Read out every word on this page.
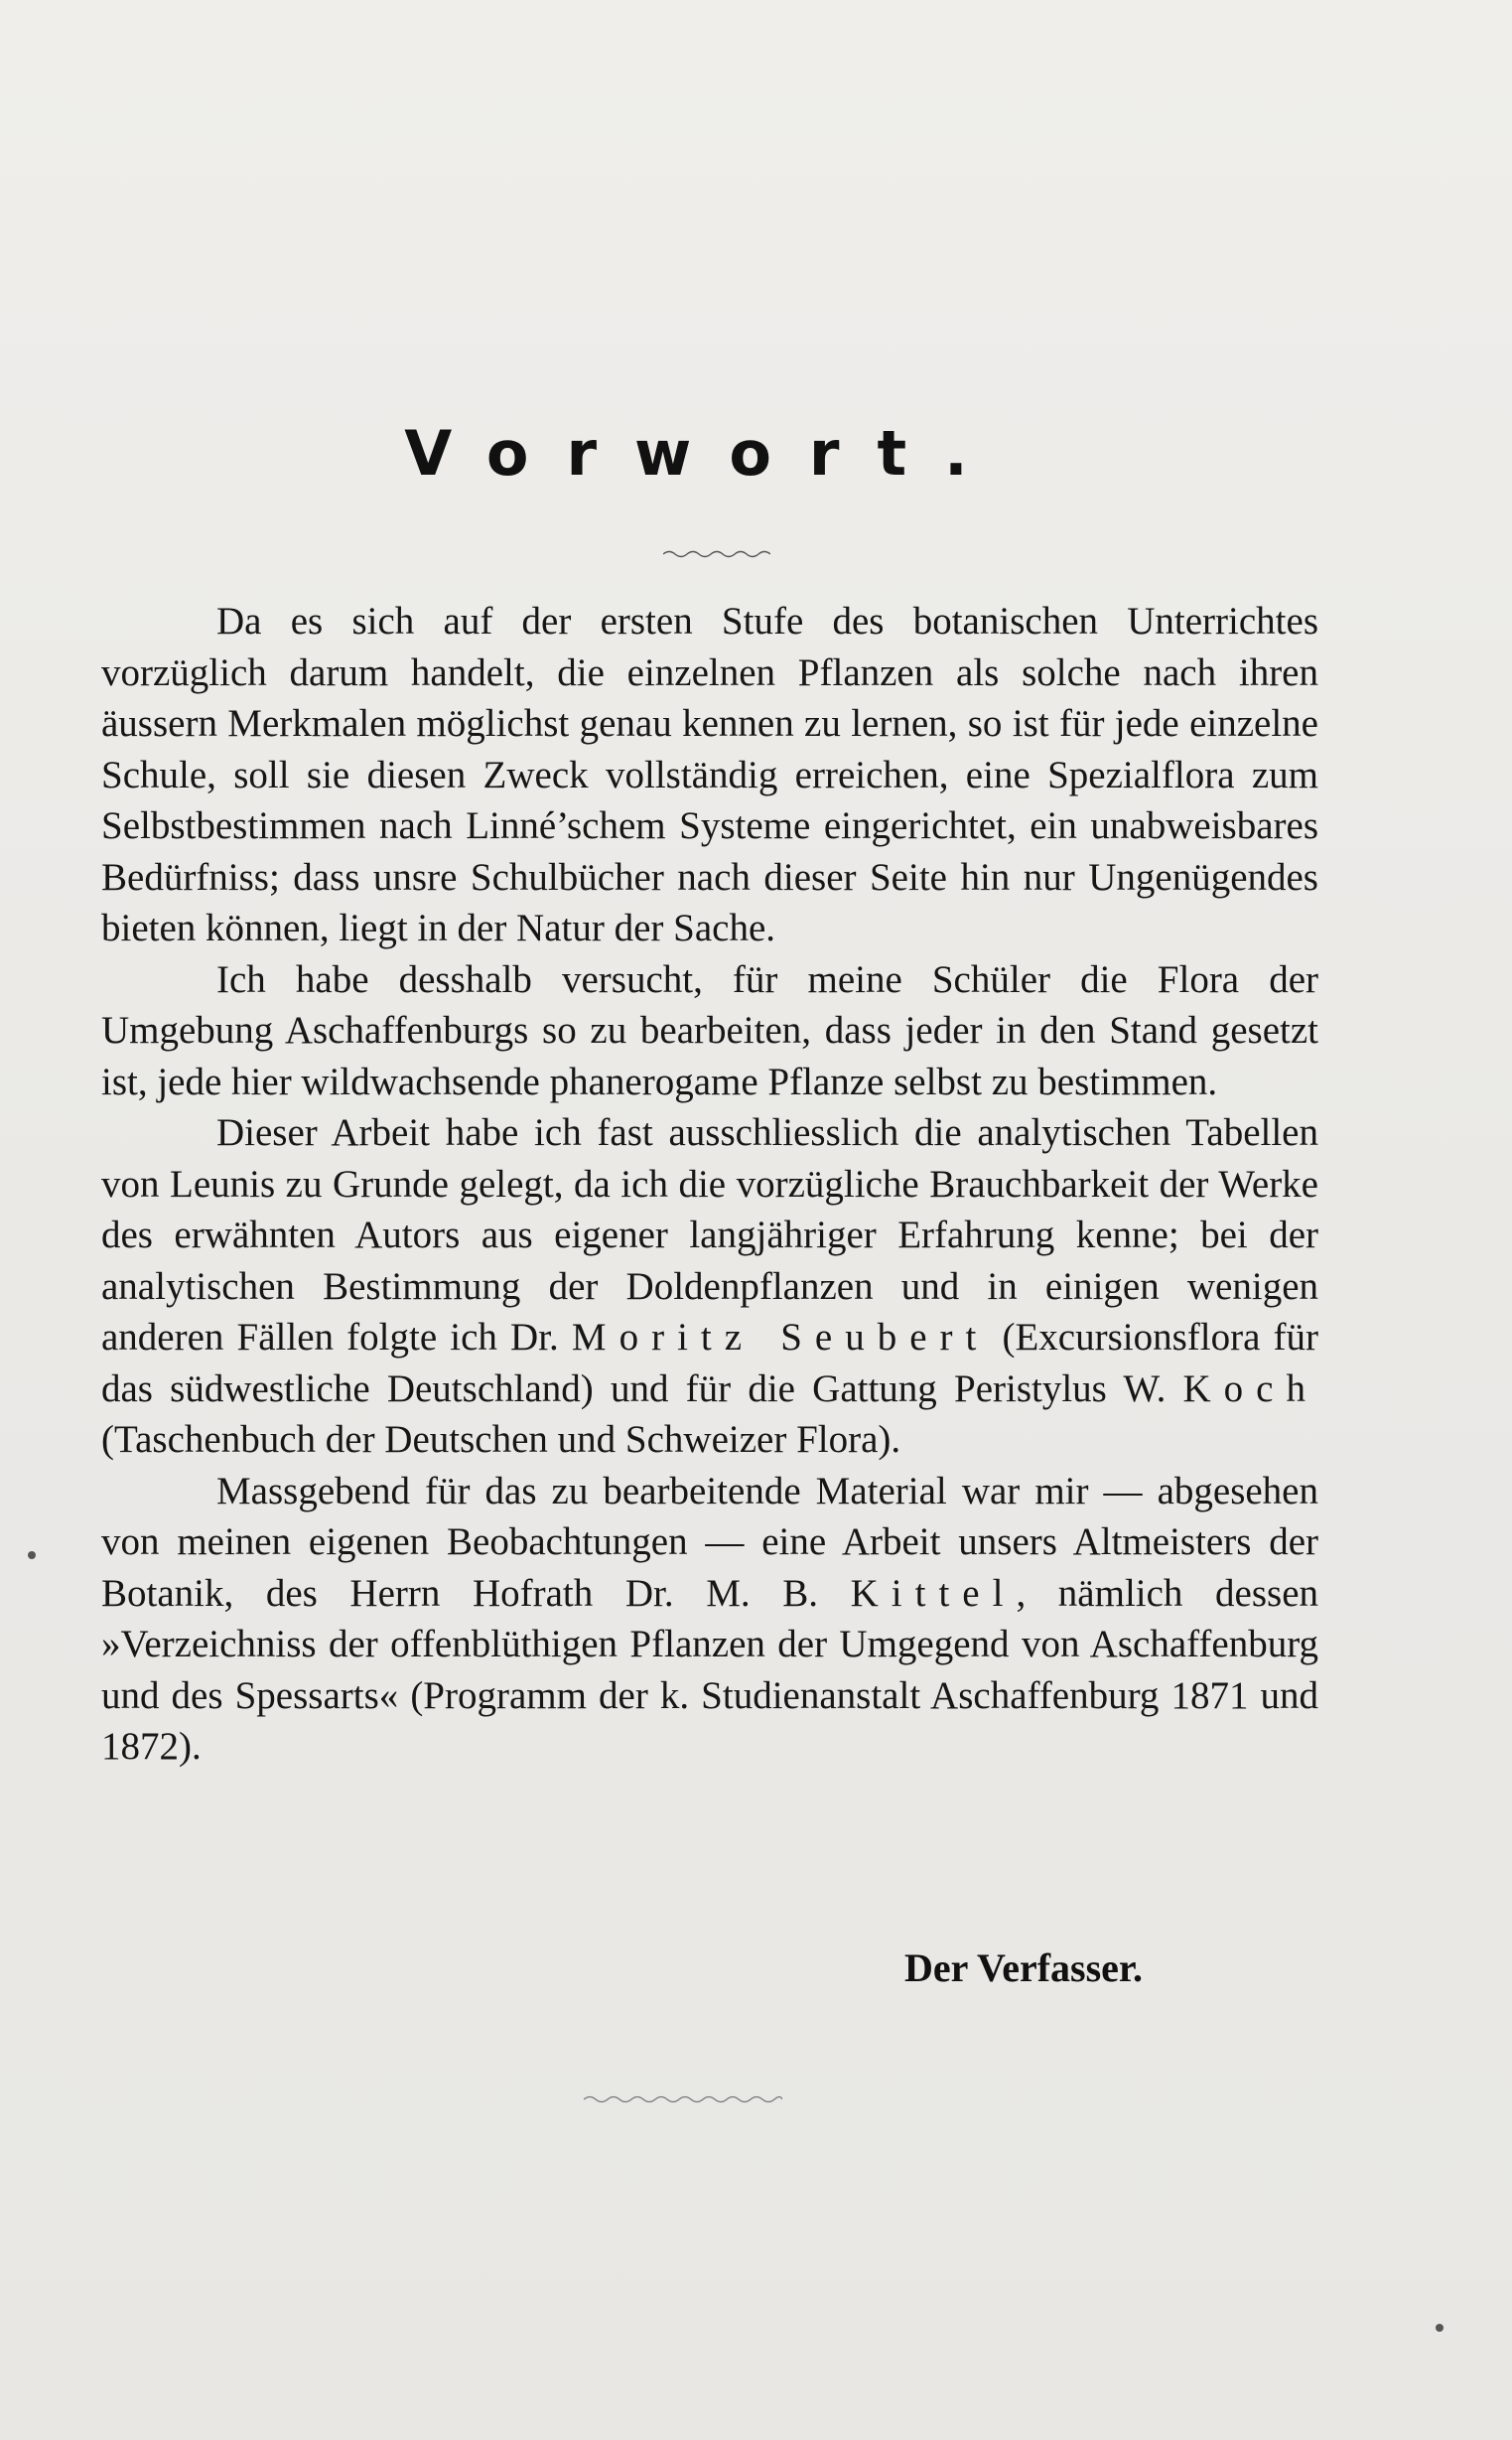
Vorwort.

Da es sich auf der ersten Stufe des botanischen Unterrichtes vorzüglich darum handelt, die einzelnen Pflanzen als solche nach ihren äussern Merkmalen möglichst genau kennen zu lernen, so ist für jede einzelne Schule, soll sie diesen Zweck vollständig erreichen, eine Spezialflora zum Selbstbestimmen nach Linné’schem Systeme eingerichtet, ein unabweisbares Bedürfniss; dass unsre Schulbücher nach dieser Seite hin nur Ungenügendes bieten können, liegt in der Natur der Sache.

Ich habe desshalb versucht, für meine Schüler die Flora der Umgebung Aschaffenburgs so zu bearbeiten, dass jeder in den Stand gesetzt ist, jede hier wildwachsende phanerogame Pflanze selbst zu bestimmen.

Dieser Arbeit habe ich fast ausschliesslich die analytischen Tabellen von Leunis zu Grunde gelegt, da ich die vorzügliche Brauchbarkeit der Werke des erwähnten Autors aus eigener langjähriger Erfahrung kenne; bei der analytischen Bestimmung der Doldenpflanzen und in einigen wenigen anderen Fällen folgte ich Dr. Moritz Seubert (Excursionsflora für das südwestliche Deutschland) und für die Gattung Peristylus W. Koch (Taschenbuch der Deutschen und Schweizer Flora).

Massgebend für das zu bearbeitende Material war mir — abgesehen von meinen eigenen Beobachtungen — eine Arbeit unsers Altmeisters der Botanik, des Herrn Hofrath Dr. M. B. Kittel, nämlich dessen »Verzeichniss der offenblüthigen Pflanzen der Umgegend von Aschaffenburg und des Spessarts« (Programm der k. Studienanstalt Aschaffenburg 1871 und 1872).

Der Verfasser.
